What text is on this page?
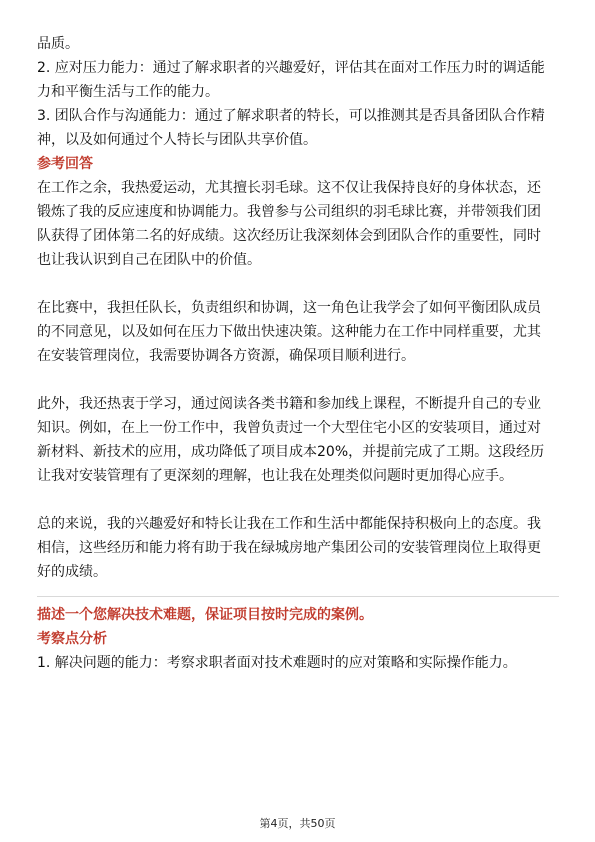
品质。

2. 应对压力能力：通过了解求职者的兴趣爱好，评估其在面对工作压力时的调适能

力和平衡生活与工作的能力。

3. 团队合作与沟通能力：通过了解求职者的特长，可以推测其是否具备团队合作精

神，以及如何通过个人特长与团队共享价值。

参考回答

在工作之余，我热爱运动，尤其擅长羽毛球。这不仅让我保持良好的身体状态，还

锻炼了我的反应速度和协调能力。我曾参与公司组织的羽毛球比赛，并带领我们团

队获得了团体第二名的好成绩。这次经历让我深刻体会到团队合作的重要性，同时

也让我认识到自己在团队中的价值。

在比赛中，我担任队长，负责组织和协调，这一角色让我学会了如何平衡团队成员

的不同意见，以及如何在压力下做出快速决策。这种能力在工作中同样重要，尤其

在安装管理岗位，我需要协调各方资源，确保项目顺利进行。

此外，我还热衷于学习，通过阅读各类书籍和参加线上课程，不断提升自己的专业

知识。例如，在上一份工作中，我曾负责过一个大型住宅小区的安装项目，通过对

新材料、新技术的应用，成功降低了项目成本20%，并提前完成了工期。这段经历

让我对安装管理有了更深刻的理解，也让我在处理类似问题时更加得心应手。

总的来说，我的兴趣爱好和特长让我在工作和生活中都能保持积极向上的态度。我

相信，这些经历和能力将有助于我在绿城房地产集团公司的安装管理岗位上取得更

好的成绩。

描述一个您解决技术难题，保证项目按时完成的案例。

考察点分析

1. 解决问题的能力：考察求职者面对技术难题时的应对策略和实际操作能力。

第4页，共50页
